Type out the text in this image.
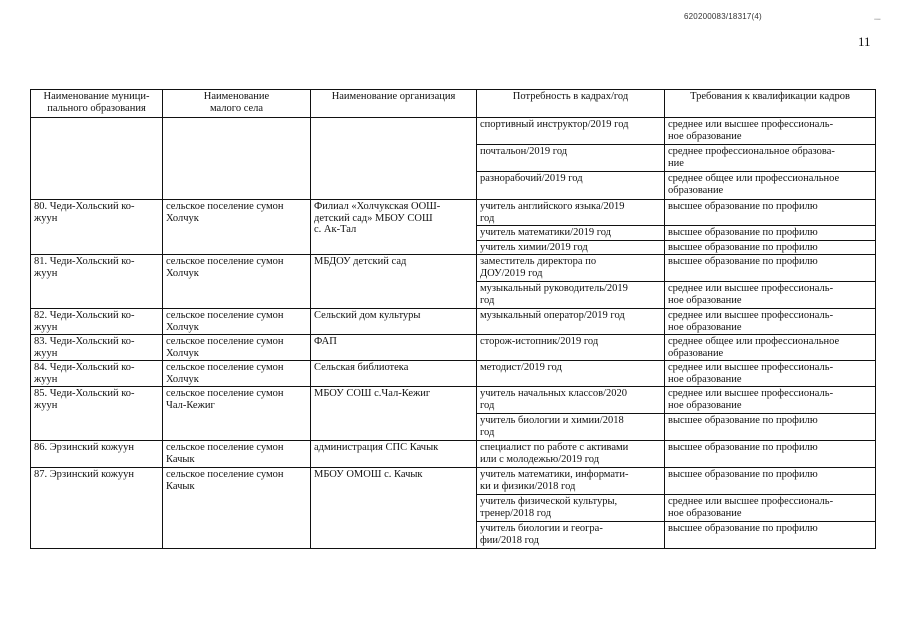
620200083/18317(4)	\
11
Наименование муници-
пального образования	Наименование
малого села	Наименование организация	Потребность в кадрах/год	Требования к квалификации кадров
			спортивный инструктор/2019 год	среднее или высшее профессиональ-
ное образование
			почтальон/2019 год	среднее профессиональное образова-
ние
			разнорабочий/2019 год	среднее общее или профессиональное
образование
80. Чеди-Хольский ко-
жуун	сельское поселение сумон
Холчук	Филиал «Холчукская ООШ-
детский сад» МБОУ СОШ
с. Ак-Тал	учитель английского языка/2019
год	высшее образование по профилю
			учитель математики/2019 год	высшее образование по профилю
			учитель химии/2019 год	высшее образование по профилю
81. Чеди-Хольский ко-
жуун	сельское поселение сумон
Холчук	МБДОУ детский сад	заместитель директора по
ДОУ/2019 год	высшее образование по профилю
			музыкальный руководитель/2019
год	среднее или высшее профессиональ-
ное образование
82. Чеди-Хольский ко-
жуун	сельское поселение сумон
Холчук	Сельский дом культуры	музыкальный оператор/2019 год	среднее или высшее профессиональ-
ное образование
83. Чеди-Хольский ко-
жуун	сельское поселение сумон
Холчук	ФАП	сторож-истопник/2019 год	среднее общее или профессиональное
образование
84. Чеди-Хольский ко-
жуун	сельское поселение сумон
Холчук	Сельская библиотека	методист/2019 год	среднее или высшее профессиональ-
ное образование
85. Чеди-Хольский ко-
жуун	сельское поселение сумон
Чал-Кежиг	МБОУ СОШ с.Чал-Кежиг	учитель начальных классов/2020
год	среднее или высшее профессиональ-
ное образование
			учитель биологии и химии/2018
год	высшее образование по профилю
86. Эрзинский кожуун	сельское поселение сумон
Качык	администрация СПС Качык	специалист по работе с активами
или с молодежью/2019 год	высшее образование по профилю
87. Эрзинский кожуун	сельское поселение сумон
Качык	МБОУ ОМОШ с. Качык	учитель математики, информати-
ки и физики/2018 год	высшее образование по профилю
			учитель физической культуры,
тренер/2018 год	среднее или высшее профессиональ-
ное образование
			учитель биологии и геогра-
фии/2018 год	высшее образование по профилю
